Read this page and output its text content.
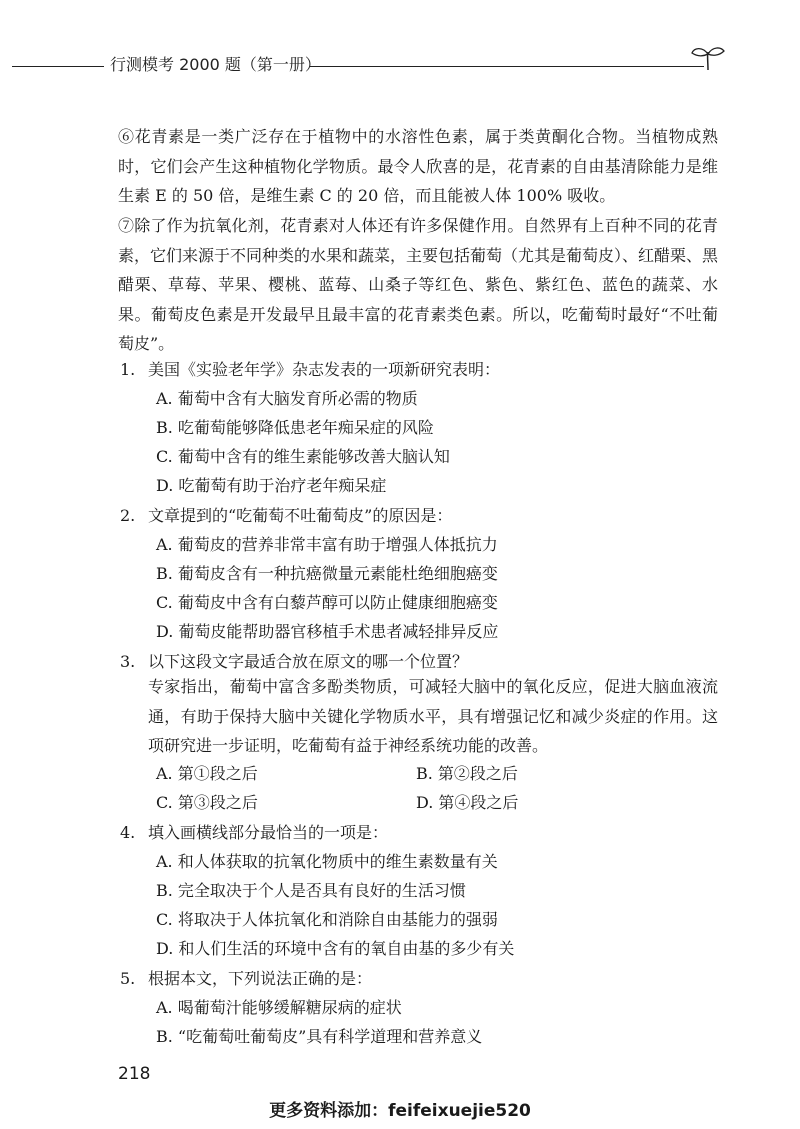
行测模考 2000 题（第一册）

⑥花青素是一类广泛存在于植物中的水溶性色素，属于类黄酮化合物。当植物成熟时，它们会产生这种植物化学物质。最令人欣喜的是，花青素的自由基清除能力是维生素 E 的 50 倍，是维生素 C 的 20 倍，而且能被人体 100% 吸收。

⑦除了作为抗氧化剂，花青素对人体还有许多保健作用。自然界有上百种不同的花青素，它们来源于不同种类的水果和蔬菜，主要包括葡萄（尤其是葡萄皮）、红醋栗、黑醋栗、草莓、苹果、樱桃、蓝莓、山桑子等红色、紫色、紫红色、蓝色的蔬菜、水果。葡萄皮色素是开发最早且最丰富的花青素类色素。所以，吃葡萄时最好“不吐葡萄皮”。

1. 美国《实验老年学》杂志发表的一项新研究表明：
A. 葡萄中含有大脑发育所必需的物质
B. 吃葡萄能够降低患老年痴呆症的风险
C. 葡萄中含有的维生素能够改善大脑认知
D. 吃葡萄有助于治疗老年痴呆症
2. 文章提到的“吃葡萄不吐葡萄皮”的原因是：
A. 葡萄皮的营养非常丰富有助于增强人体抵抗力
B. 葡萄皮含有一种抗癌微量元素能杜绝细胞癌变
C. 葡萄皮中含有白藜芦醇可以防止健康细胞癌变
D. 葡萄皮能帮助器官移植手术患者减轻排异反应
3. 以下这段文字最适合放在原文的哪一个位置？

专家指出，葡萄中富含多酚类物质，可减轻大脑中的氧化反应，促进大脑血液流通，有助于保持大脑中关键化学物质水平，具有增强记忆和减少炎症的作用。这项研究进一步证明，吃葡萄有益于神经系统功能的改善。

A. 第①段之后	B. 第②段之后
C. 第③段之后	D. 第④段之后
4. 填入画横线部分最恰当的一项是：
A. 和人体获取的抗氧化物质中的维生素数量有关
B. 完全取决于个人是否具有良好的生活习惯
C. 将取决于人体抗氧化和消除自由基能力的强弱
D. 和人们生活的环境中含有的氧自由基的多少有关
5. 根据本文，下列说法正确的是：
A. 喝葡萄汁能够缓解糖尿病的症状
B. “吃葡萄吐葡萄皮”具有科学道理和营养意义
218
更多资料添加：feifeixuejie520
